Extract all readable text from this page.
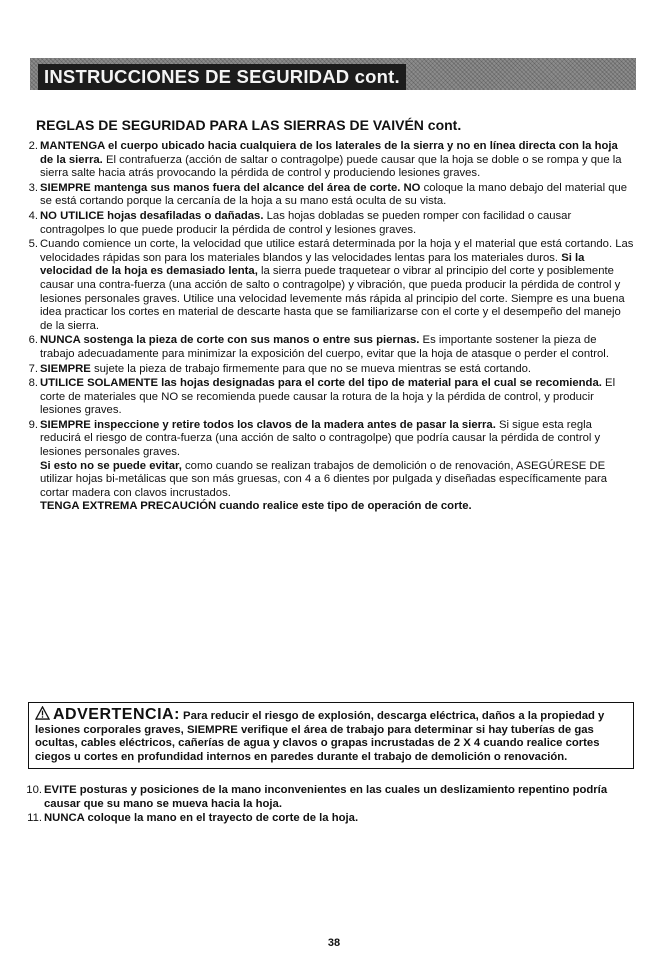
INSTRUCCIONES DE SEGURIDAD cont.
REGLAS DE SEGURIDAD PARA LAS SIERRAS DE VAIVÉN cont.
2. MANTENGA el cuerpo ubicado hacia cualquiera de los laterales de la sierra y no en línea directa con la hoja de la sierra. El contrafuerza (acción de saltar o contragolpe) puede causar que la hoja se doble o se rompa y que la sierra salte hacia atrás provocando la pérdida de control y produciendo lesiones graves.
3. SIEMPRE mantenga sus manos fuera del alcance del área de corte. NO coloque la mano debajo del material que se está cortando porque la cercanía de la hoja a su mano está oculta de su vista.
4. NO UTILICE hojas desafiladas o dañadas. Las hojas dobladas se pueden romper con facilidad o causar contragolpes lo que puede producir la pérdida de control y lesiones graves.
5. Cuando comience un corte, la velocidad que utilice estará determinada por la hoja y el material que está cortando. Las velocidades rápidas son para los materiales blandos y las velocidades lentas para los materiales duros. Si la velocidad de la hoja es demasiado lenta, la sierra puede traquetear o vibrar al principio del corte y posiblemente causar una contra-fuerza (una acción de salto o contragolpe) y vibración, que pueda producir la pérdida de control y lesiones personales graves. Utilice una velocidad levemente más rápida al principio del corte. Siempre es una buena idea practicar los cortes en material de descarte hasta que se familiarizarse con el corte y el desempeño del manejo de la sierra.
6. NUNCA sostenga la pieza de corte con sus manos o entre sus piernas. Es importante sostener la pieza de trabajo adecuadamente para minimizar la exposición del cuerpo, evitar que la hoja de atasque o perder el control.
7. SIEMPRE sujete la pieza de trabajo firmemente para que no se mueva mientras se está cortando.
8. UTILICE SOLAMENTE las hojas designadas para el corte del tipo de material para el cual se recomienda. El corte de materiales que NO se recomienda puede causar la rotura de la hoja y la pérdida de control, y producir lesiones graves.
9. SIEMPRE inspeccione y retire todos los clavos de la madera antes de pasar la sierra. Si sigue esta regla reducirá el riesgo de contra-fuerza (una acción de salto o contragolpe) que podría causar la pérdida de control y lesiones personales graves.
Si esto no se puede evitar, como cuando se realizan trabajos de demolición o de renovación, ASEGÚRESE DE utilizar hojas bi-metálicas que son más gruesas, con 4 a 6 dientes por pulgada y diseñadas específicamente para cortar madera con clavos incrustados.
TENGA EXTREMA PRECAUCIÓN cuando realice este tipo de operación de corte.
ADVERTENCIA: Para reducir el riesgo de explosión, descarga eléctrica, daños a la propiedad y lesiones corporales graves, SIEMPRE verifique el área de trabajo para determinar si hay tuberías de gas ocultas, cables eléctricos, cañerías de agua y clavos o grapas incrustadas de 2 X 4 cuando realice cortes ciegos u cortes en profundidad internos en paredes durante el trabajo de demolición o renovación.
10. EVITE posturas y posiciones de la mano inconvenientes en las cuales un deslizamiento repentino podría causar que su mano se mueva hacia la hoja.
11. NUNCA coloque la mano en el trayecto de corte de la hoja.
38
